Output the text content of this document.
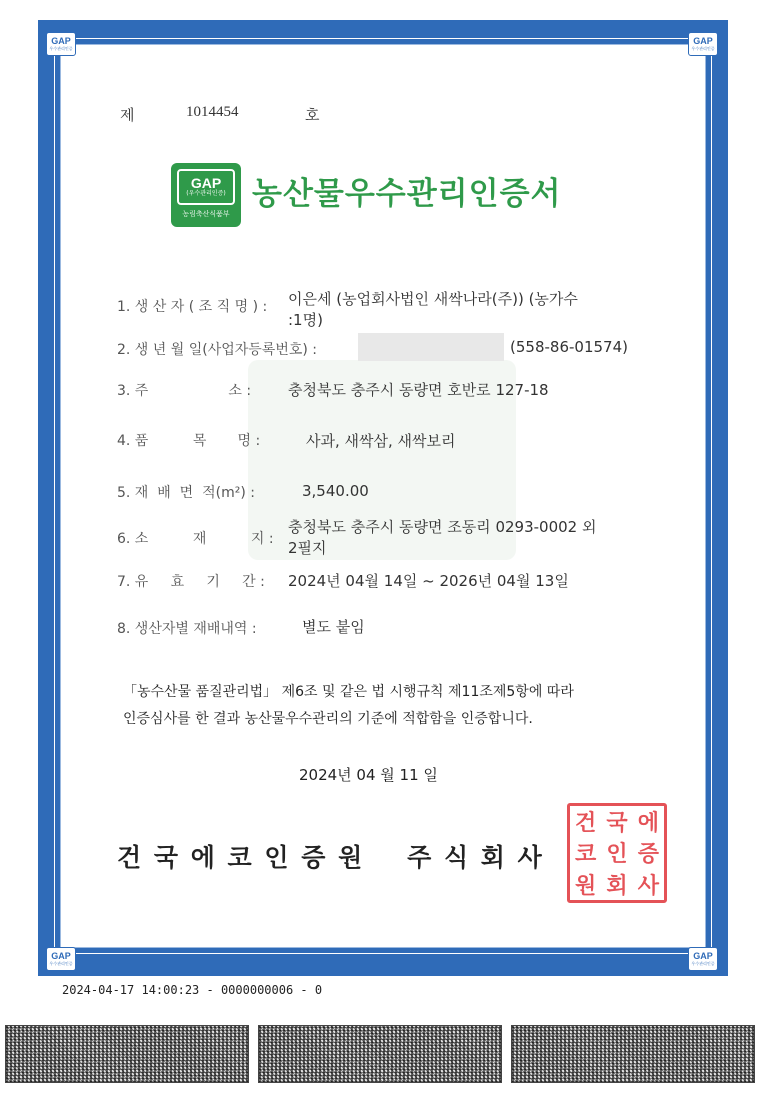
GAP
우수관리인증
GAP
우수관리인증
GAP
우수관리인증
GAP
우수관리인증
제	1014454	호
GAP
(우수관리인증)
농림축산식품부
농산물우수관리인증서
1. 생 산 자 ( 조 직 명 ) : 이은세 (농업회사법인 새싹나라(주)) (농가수
:1명)
2. 생 년 월 일(사업자등록번호) :	(558-86-01574)
3. 주                  소 : 충청북도 충주시 동량면 호반로 127-18
4. 품          목       명 :	사과, 새싹삼, 새싹보리
5. 재  배  면  적(m²) :	3,540.00
6. 소          재          지 :
충청북도 충주시 동량면 조동리 0293-0002 외
2필지
7. 유     효     기     간 : 2024년 04월 14일 ~ 2026년 04월 13일
8. 생산자별 재배내역 :	별도 붙임
「농수산물 품질관리법」 제6조 및 같은 법 시행규칙 제11조제5항에 따라
인증심사를 한 결과 농산물우수관리의 기준에 적합함을 인증합니다.
2024년 04 월 11 일
건 국 에 코 인 증 원    주 식 회 사
건 국 에
코 인 증
원 회 사
2024-04-17 14:00:23 - 0000000006 - 0
